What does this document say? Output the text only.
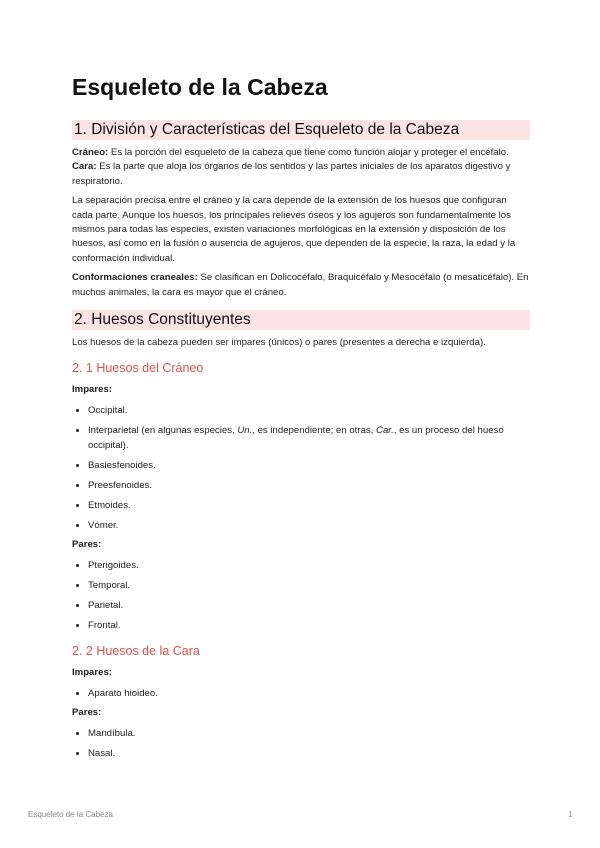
Esqueleto de la Cabeza
1. División y Características del Esqueleto de la Cabeza

Cráneo: Es la porción del esqueleto de la cabeza que tiene como función alojar y proteger el encéfalo.

Cara: Es la parte que aloja los órganos de los sentidos y las partes iniciales de los aparatos digestivo y respiratorio.

La separación precisa entre el cráneo y la cara depende de la extensión de los huesos que configuran cada parte. Aunque los huesos, los principales relieves óseos y los agujeros son fundamentalmente los mismos para todas las especies, existen variaciones morfológicas en la extensión y disposición de los huesos, así como en la fusión o ausencia de agujeros, que dependen de la especie, la raza, la edad y la conformación individual.

Conformaciones craneales: Se clasifican en Dolicocéfalo, Braquicéfalo y Mesocéfalo (o mesaticéfalo). En muchos animales, la cara es mayor que el cráneo.

2. Huesos Constituyentes

Los huesos de la cabeza pueden ser impares (únicos) o pares (presentes a derecha e izquierda).

2. 1 Huesos del Cráneo
Impares:
Occipital.
Interparietal (en algunas especies, Un., es independiente; en otras, Car., es un proceso del hueso occipital).
Basiesfenoides.
Preesfenoides.
Etmoides.
Vómer.
Pares:
Pterigoides.
Temporal.
Parietal.
Frontal.
2. 2 Huesos de la Cara
Impares:
Aparato hioideo.
Pares:
Mandíbula.
Nasal.
Esqueleto de la Cabeza	1
